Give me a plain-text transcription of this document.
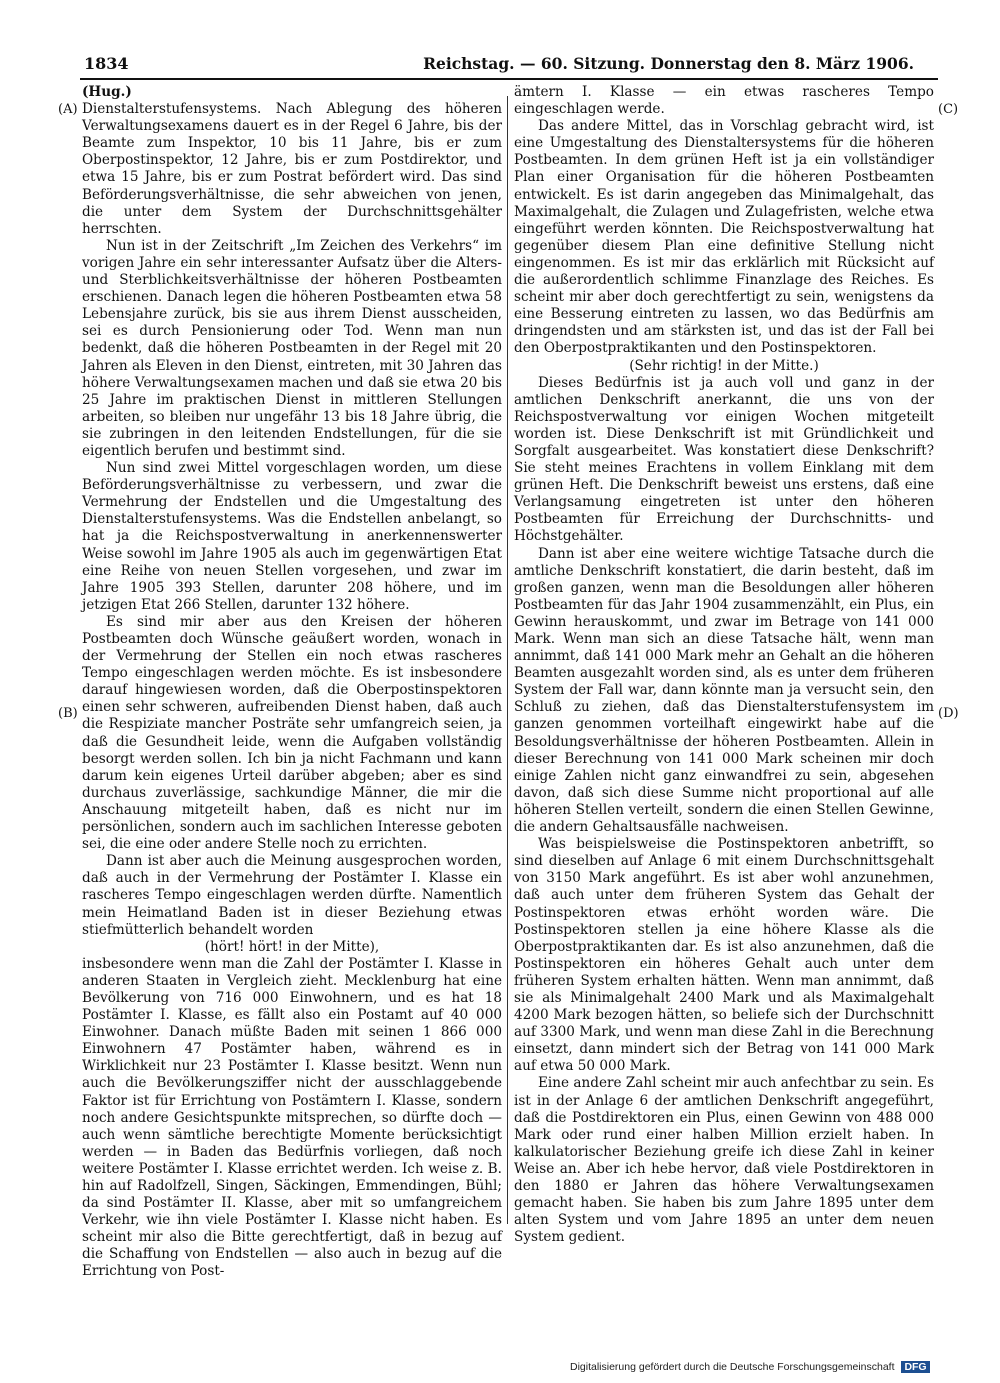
1834	Reichstag. — 60. Sitzung. Donnerstag den 8. März 1906.
(A)
(B)
(C)
(D)

(Hug.)

Dienstalterstufensystems. Nach Ablegung des höheren Verwaltungsexamens dauert es in der Regel 6 Jahre, bis der Beamte zum Inspektor, 10 bis 11 Jahre, bis er zum Oberpostinspektor, 12 Jahre, bis er zum Postdirektor, und etwa 15 Jahre, bis er zum Postrat befördert wird. Das sind Beförderungsverhältnisse, die sehr abweichen von jenen, die unter dem System der Durchschnittsgehälter herrschten.

Nun ist in der Zeitschrift „Im Zeichen des Verkehrs“ im vorigen Jahre ein sehr interessanter Aufsatz über die Alters- und Sterblichkeitsverhältnisse der höheren Postbeamten erschienen. Danach legen die höheren Postbeamten etwa 58 Lebensjahre zurück, bis sie aus ihrem Dienst ausscheiden, sei es durch Pensionierung oder Tod. Wenn man nun bedenkt, daß die höheren Postbeamten in der Regel mit 20 Jahren als Eleven in den Dienst, eintreten, mit 30 Jahren das höhere Verwaltungsexamen machen und daß sie etwa 20 bis 25 Jahre im praktischen Dienst in mittleren Stellungen arbeiten, so bleiben nur ungefähr 13 bis 18 Jahre übrig, die sie zubringen in den leitenden Endstellungen, für die sie eigentlich berufen und bestimmt sind.

Nun sind zwei Mittel vorgeschlagen worden, um diese Beförderungsverhältnisse zu verbessern, und zwar die Vermehrung der Endstellen und die Umgestaltung des Dienstalterstufensystems. Was die Endstellen anbelangt, so hat ja die Reichspostverwaltung in anerkennenswerter Weise sowohl im Jahre 1905 als auch im gegenwärtigen Etat eine Reihe von neuen Stellen vorgesehen, und zwar im Jahre 1905 393 Stellen, darunter 208 höhere, und im jetzigen Etat 266 Stellen, darunter 132 höhere.

Es sind mir aber aus den Kreisen der höheren Postbeamten doch Wünsche geäußert worden, wonach in der Vermehrung der Stellen ein noch etwas rascheres Tempo eingeschlagen werden möchte. Es ist insbesondere darauf hingewiesen worden, daß die Oberpostinspektoren einen sehr schweren, aufreibenden Dienst haben, daß auch die Respiziate mancher Posträte sehr umfangreich seien, ja daß die Gesundheit leide, wenn die Aufgaben vollständig besorgt werden sollen. Ich bin ja nicht Fachmann und kann darum kein eigenes Urteil darüber abgeben; aber es sind durchaus zuverlässige, sachkundige Männer, die mir die Anschauung mitgeteilt haben, daß es nicht nur im persönlichen, sondern auch im sachlichen Interesse geboten sei, die eine oder andere Stelle noch zu errichten.

Dann ist aber auch die Meinung ausgesprochen worden, daß auch in der Vermehrung der Postämter I. Klasse ein rascheres Tempo eingeschlagen werden dürfte. Namentlich mein Heimatland Baden ist in dieser Beziehung etwas stiefmütterlich behandelt worden

(hört! hört! in der Mitte),

insbesondere wenn man die Zahl der Postämter I. Klasse in anderen Staaten in Vergleich zieht. Mecklenburg hat eine Bevölkerung von 716 000 Einwohnern, und es hat 18 Postämter I. Klasse, es fällt also ein Postamt auf 40 000 Einwohner. Danach müßte Baden mit seinen 1 866 000 Einwohnern 47 Postämter haben, während es in Wirklichkeit nur 23 Postämter I. Klasse besitzt. Wenn nun auch die Bevölkerungsziffer nicht der ausschlaggebende Faktor ist für Errichtung von Postämtern I. Klasse, sondern noch andere Gesichtspunkte mitsprechen, so dürfte doch — auch wenn sämtliche berechtigte Momente berücksichtigt werden — in Baden das Bedürfnis vorliegen, daß noch weitere Postämter I. Klasse errichtet werden. Ich weise z. B. hin auf Radolfzell, Singen, Säckingen, Emmendingen, Bühl; da sind Postämter II. Klasse, aber mit so umfangreichem Verkehr, wie ihn viele Postämter I. Klasse nicht haben. Es scheint mir also die Bitte gerechtfertigt, daß in bezug auf die Schaffung von Endstellen — also auch in bezug auf die Errichtung von Post-

ämtern I. Klasse — ein etwas rascheres Tempo eingeschlagen werde.

Das andere Mittel, das in Vorschlag gebracht wird, ist eine Umgestaltung des Dienstaltersystems für die höheren Postbeamten. In dem grünen Heft ist ja ein vollständiger Plan einer Organisation für die höheren Postbeamten entwickelt. Es ist darin angegeben das Minimalgehalt, das Maximalgehalt, die Zulagen und Zulagefristen, welche etwa eingeführt werden könnten. Die Reichspostverwaltung hat gegenüber diesem Plan eine definitive Stellung nicht eingenommen. Es ist mir das erklärlich mit Rücksicht auf die außerordentlich schlimme Finanzlage des Reiches. Es scheint mir aber doch gerechtfertigt zu sein, wenigstens da eine Besserung eintreten zu lassen, wo das Bedürfnis am dringendsten und am stärksten ist, und das ist der Fall bei den Oberpostpraktikanten und den Postinspektoren.

(Sehr richtig! in der Mitte.)

Dieses Bedürfnis ist ja auch voll und ganz in der amtlichen Denkschrift anerkannt, die uns von der Reichspostverwaltung vor einigen Wochen mitgeteilt worden ist. Diese Denkschrift ist mit Gründlichkeit und Sorgfalt ausgearbeitet. Was konstatiert diese Denkschrift? Sie steht meines Erachtens in vollem Einklang mit dem grünen Heft. Die Denkschrift beweist uns erstens, daß eine Verlangsamung eingetreten ist unter den höheren Postbeamten für Erreichung der Durchschnitts- und Höchstgehälter.

Dann ist aber eine weitere wichtige Tatsache durch die amtliche Denkschrift konstatiert, die darin besteht, daß im großen ganzen, wenn man die Besoldungen aller höheren Postbeamten für das Jahr 1904 zusammenzählt, ein Plus, ein Gewinn herauskommt, und zwar im Betrage von 141 000 Mark. Wenn man sich an diese Tatsache hält, wenn man annimmt, daß 141 000 Mark mehr an Gehalt an die höheren Beamten ausgezahlt worden sind, als es unter dem früheren System der Fall war, dann könnte man ja versucht sein, den Schluß zu ziehen, daß das Dienstalterstufensystem im ganzen genommen vorteilhaft eingewirkt habe auf die Besoldungsverhältnisse der höheren Postbeamten. Allein in dieser Berechnung von 141 000 Mark scheinen mir doch einige Zahlen nicht ganz einwandfrei zu sein, abgesehen davon, daß sich diese Summe nicht proportional auf alle höheren Stellen verteilt, sondern die einen Stellen Gewinne, die andern Gehaltsausfälle nachweisen.

Was beispielsweise die Postinspektoren anbetrifft, so sind dieselben auf Anlage 6 mit einem Durchschnittsgehalt von 3150 Mark angeführt. Es ist aber wohl anzunehmen, daß auch unter dem früheren System das Gehalt der Postinspektoren etwas erhöht worden wäre. Die Postinspektoren stellen ja eine höhere Klasse als die Oberpostpraktikanten dar. Es ist also anzunehmen, daß die Postinspektoren ein höheres Gehalt auch unter dem früheren System erhalten hätten. Wenn man annimmt, daß sie als Minimalgehalt 2400 Mark und als Maximalgehalt 4200 Mark bezogen hätten, so beliefe sich der Durchschnitt auf 3300 Mark, und wenn man diese Zahl in die Berechnung einsetzt, dann mindert sich der Betrag von 141 000 Mark auf etwa 50 000 Mark.

Eine andere Zahl scheint mir auch anfechtbar zu sein. Es ist in der Anlage 6 der amtlichen Denkschrift angegeführt, daß die Postdirektoren ein Plus, einen Gewinn von 488 000 Mark oder rund einer halben Million erzielt haben. In kalkulatorischer Beziehung greife ich diese Zahl in keiner Weise an. Aber ich hebe hervor, daß viele Postdirektoren in den 1880 er Jahren das höhere Verwaltungsexamen gemacht haben. Sie haben bis zum Jahre 1895 unter dem alten System und vom Jahre 1895 an unter dem neuen System gedient.

Digitalisierung gefördert durch die Deutsche Forschungsgemeinschaft DFG
